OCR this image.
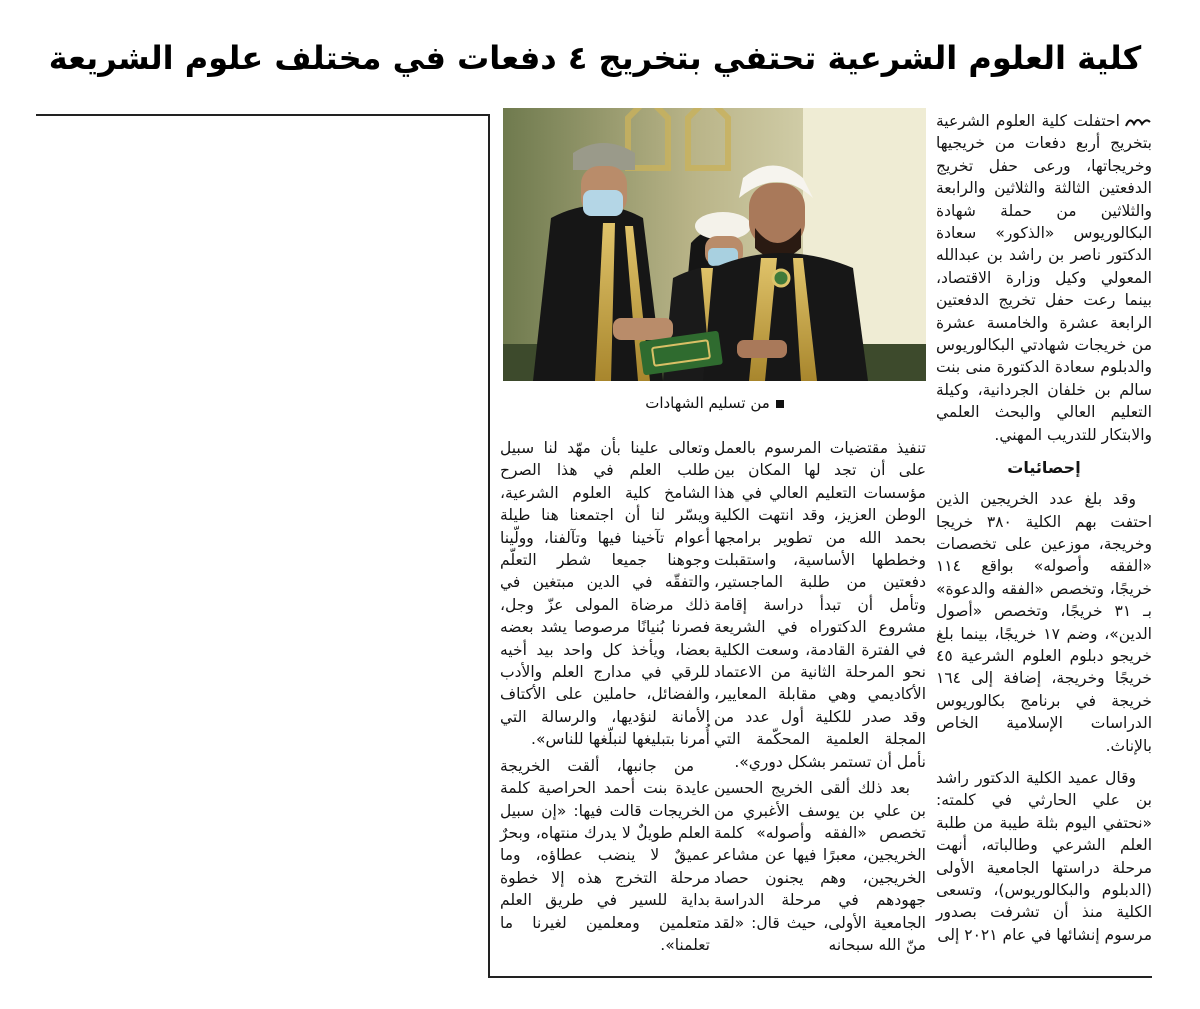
كلية العلوم الشرعية تحتفي بتخريج ٤ دفعات في مختلف علوم الشريعة

من تسليم الشهادات

احتفلت كلية العلوم الشرعية بتخريج أربع دفعات من خريجيها وخريجاتها، ورعى حفل تخريج الدفعتين الثالثة والثلاثين والرابعة والثلاثين من حملة شهادة البكالوريوس «الذكور» سعادة الدكتور ناصر بن راشد بن عبدالله المعولي وكيل وزارة الاقتصاد، بينما رعت حفل تخريج الدفعتين الرابعة عشرة والخامسة عشرة من خريجات شهادتي البكالوريوس والدبلوم سعادة الدكتورة منى بنت سالم بن خلفان الجردانية، وكيلة التعليم العالي والبحث العلمي والابتكار للتدريب المهني.

إحصائيات

وقد بلغ عدد الخريجين الذين احتفت بهم الكلية ٣٨٠ خريجا وخريجة، موزعين على تخصصات «الفقه وأصوله» بواقع ١١٤ خريجًا، وتخصص «الفقه والدعوة» بـ ٣١ خريجًا، وتخصص «أصول الدين»، وضم ١٧ خريجًا، بينما بلغ خريجو دبلوم العلوم الشرعية ٤٥ خريجًا وخريجة، إضافة إلى ١٦٤ خريجة في برنامج بكالوريوس الدراسات الإسلامية الخاص بالإناث.

وقال عميد الكلية الدكتور راشد بن علي الحارثي في كلمته: «نحتفي اليوم بثلة طيبة من طلبة العلم الشرعي وطالباته، أنهت مرحلة دراستها الجامعية الأولى (الدبلوم والبكالوريوس)، وتسعى الكلية منذ أن تشرفت بصدور مرسوم إنشائها في عام ٢٠٢١ إلى

تنفيذ مقتضيات المرسوم بالعمل على أن تجد لها المكان بين مؤسسات التعليم العالي في هذا الوطن العزيز، وقد انتهت الكلية بحمد الله من تطوير برامجها وخططها الأساسية، واستقبلت دفعتين من طلبة الماجستير، وتأمل أن تبدأ دراسة إقامة مشروع الدكتوراه في الشريعة في الفترة القادمة، وسعت الكلية نحو المرحلة الثانية من الاعتماد الأكاديمي وهي مقابلة المعايير، وقد صدر للكلية أول عدد من المجلة العلمية المحكّمة التي نأمل أن تستمر بشكل دوري».

بعد ذلك ألقى الخريج الحسين بن علي بن يوسف الأغبري من تخصص «الفقه وأصوله» كلمة الخريجين، معبرًا فيها عن مشاعر الخريجين، وهم يجنون حصاد جهودهم في مرحلة الدراسة الجامعية الأولى، حيث قال: «لقد منّ الله سبحانه

وتعالى علينا بأن مهّد لنا سبيل طلب العلم في هذا الصرح الشامخ كلية العلوم الشرعية، ويسّر لنا أن اجتمعنا هنا طيلة أعوام تآخينا فيها وتآلفنا، وولّينا وجوهنا جميعا شطر التعلّم والتفقّه في الدين مبتغين في ذلك مرضاة المولى عزّ وجل، فصرنا بُنيانًا مرصوصا يشد بعضه بعضا، ويأخذ كل واحد بيد أخيه للرقي في مدارج العلم والأدب والفضائل، حاملين على الأكتاف الأمانة لنؤديها، والرسالة التي أُمرنا بتبليغها لنبلّغها للناس».

من جانبها، ألقت الخريجة عايدة بنت أحمد الحراصية كلمة الخريجات قالت فيها: «إن سبيل العلم طويلٌ لا يدرك منتهاه، وبحرٌ عميقٌ لا ينضب عطاؤه، وما مرحلة التخرج هذه إلا خطوة بداية للسير في طريق العلم متعلمين ومعلمين لغيرنا ما تعلمنا».
